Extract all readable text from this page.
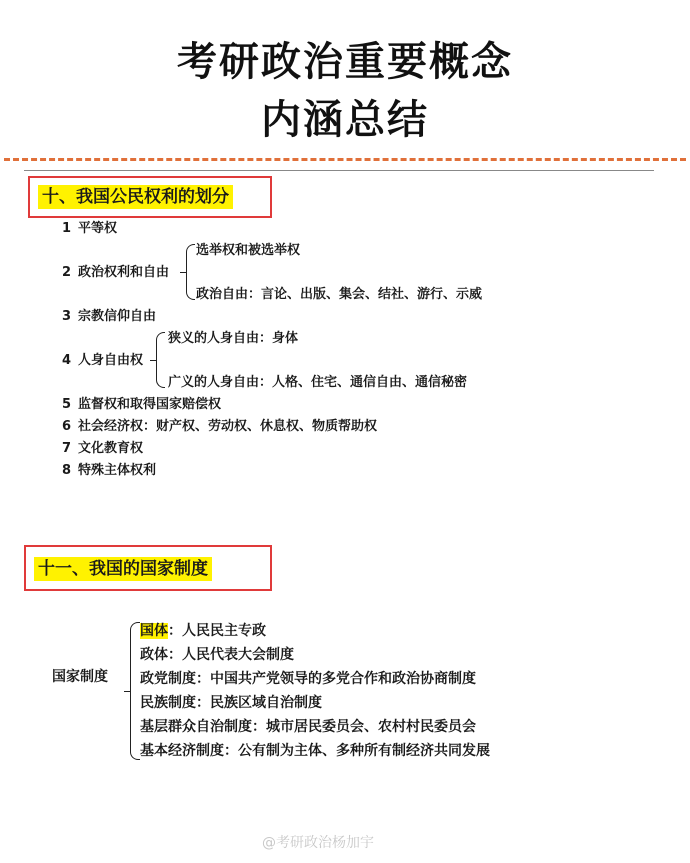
考研政治重要概念
内涵总结
十、我国公民权利的划分
1 平等权
2 政治权利和自由
选举权和被选举权
政治自由：言论、出版、集会、结社、游行、示威
3 宗教信仰自由
4 人身自由权
狭义的人身自由：身体
广义的人身自由：人格、住宅、通信自由、通信秘密
5 监督权和取得国家赔偿权
6 社会经济权：财产权、劳动权、休息权、物质帮助权
7 文化教育权
8 特殊主体权利
十一、我国的国家制度
国家制度
国体：人民民主专政
政体：人民代表大会制度
政党制度：中国共产党领导的多党合作和政治协商制度
民族制度：民族区域自治制度
基层群众自治制度：城市居民委员会、农村村民委员会
基本经济制度：公有制为主体、多种所有制经济共同发展
@考研政治杨加宇
